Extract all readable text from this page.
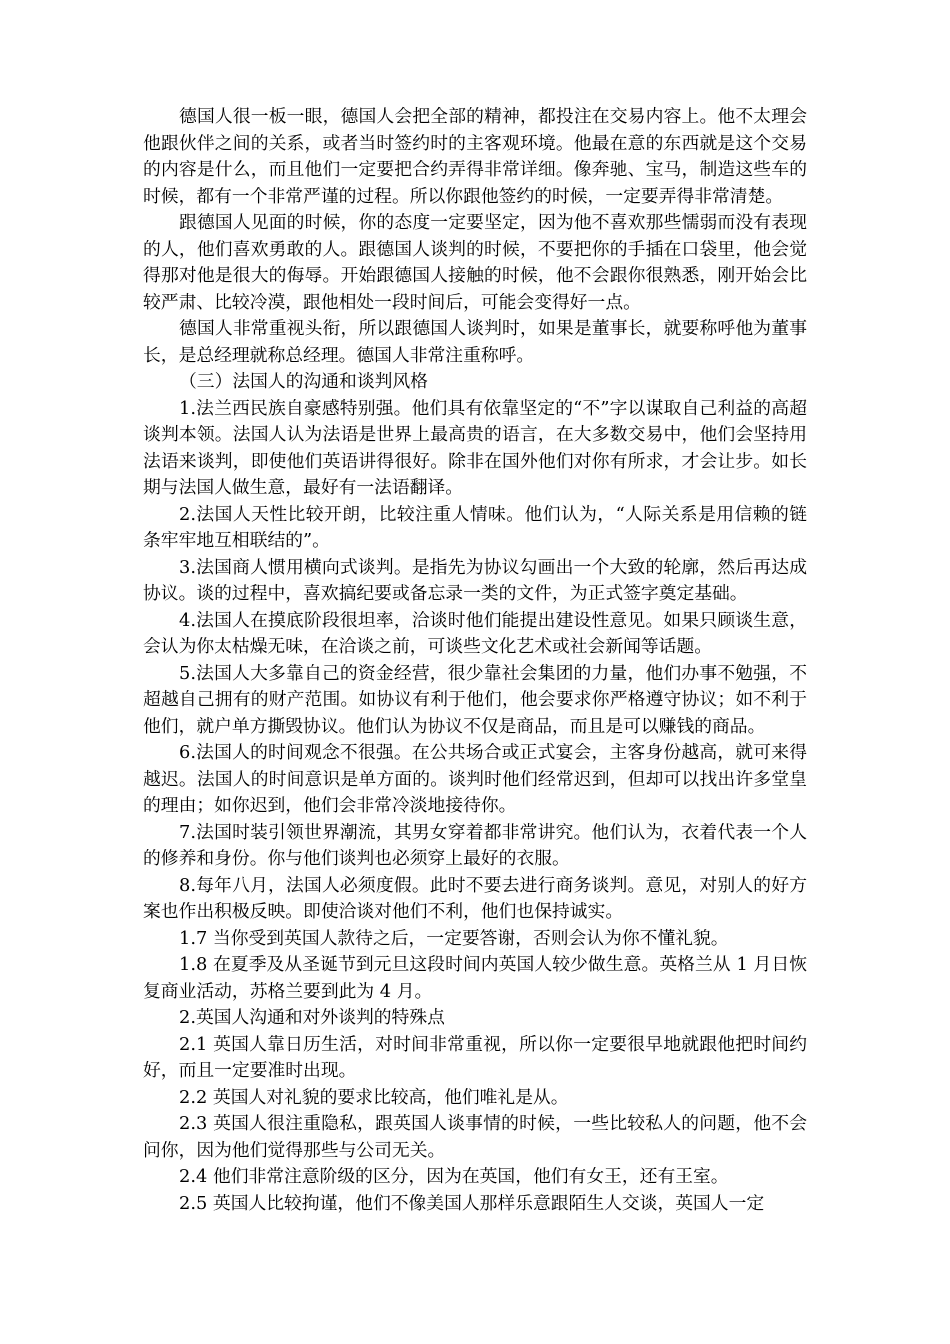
德国人很一板一眼，德国人会把全部的精神，都投注在交易内容上。他不太理会他跟伙伴之间的关系，或者当时签约时的主客观环境。他最在意的东西就是这个交易的内容是什么，而且他们一定要把合约弄得非常详细。像奔驰、宝马，制造这些车的时候，都有一个非常严谨的过程。所以你跟他签约的时候，一定要弄得非常清楚。

跟德国人见面的时候，你的态度一定要坚定，因为他不喜欢那些懦弱而没有表现的人，他们喜欢勇敢的人。跟德国人谈判的时候，不要把你的手插在口袋里，他会觉得那对他是很大的侮辱。开始跟德国人接触的时候，他不会跟你很熟悉，刚开始会比较严肃、比较冷漠，跟他相处一段时间后，可能会变得好一点。

德国人非常重视头衔，所以跟德国人谈判时，如果是董事长，就要称呼他为董事长，是总经理就称总经理。德国人非常注重称呼。

（三）法国人的沟通和谈判风格

1.法兰西民族自豪感特别强。他们具有依靠坚定的“不”字以谋取自己利益的高超谈判本领。法国人认为法语是世界上最高贵的语言，在大多数交易中，他们会坚持用法语来谈判，即使他们英语讲得很好。除非在国外他们对你有所求，才会让步。如长期与法国人做生意，最好有一法语翻译。

2.法国人天性比较开朗，比较注重人情味。他们认为，“人际关系是用信赖的链条牢牢地互相联结的”。

3.法国商人惯用横向式谈判。是指先为协议勾画出一个大致的轮廓，然后再达成协议。谈的过程中，喜欢搞纪要或备忘录一类的文件，为正式签字奠定基础。

4.法国人在摸底阶段很坦率，洽谈时他们能提出建设性意见。如果只顾谈生意，会认为你太枯燥无味，在洽谈之前，可谈些文化艺术或社会新闻等话题。

5.法国人大多靠自己的资金经营，很少靠社会集团的力量，他们办事不勉强，不超越自己拥有的财产范围。如协议有利于他们，他会要求你严格遵守协议；如不利于他们，就户单方撕毁协议。他们认为协议不仅是商品，而且是可以赚钱的商品。

6.法国人的时间观念不很强。在公共场合或正式宴会，主客身份越高，就可来得越迟。法国人的时间意识是单方面的。谈判时他们经常迟到，但却可以找出许多堂皇的理由；如你迟到，他们会非常冷淡地接待你。

7.法国时装引领世界潮流，其男女穿着都非常讲究。他们认为，衣着代表一个人的修养和身份。你与他们谈判也必须穿上最好的衣服。

8.每年八月，法国人必须度假。此时不要去进行商务谈判。意见，对别人的好方案也作出积极反映。即使洽谈对他们不利，他们也保持诚实。

1.7 当你受到英国人款待之后，一定要答谢，否则会认为你不懂礼貌。

1.8 在夏季及从圣诞节到元旦这段时间内英国人较少做生意。英格兰从 1 月日恢复商业活动，苏格兰要到此为 4 月。

2.英国人沟通和对外谈判的特殊点

2.1 英国人靠日历生活，对时间非常重视，所以你一定要很早地就跟他把时间约好，而且一定要准时出现。

2.2 英国人对礼貌的要求比较高，他们唯礼是从。

2.3 英国人很注重隐私，跟英国人谈事情的时候，一些比较私人的问题，他不会问你，因为他们觉得那些与公司无关。

2.4 他们非常注意阶级的区分，因为在英国，他们有女王，还有王室。

2.5 英国人比较拘谨，他们不像美国人那样乐意跟陌生人交谈，英国人一定
